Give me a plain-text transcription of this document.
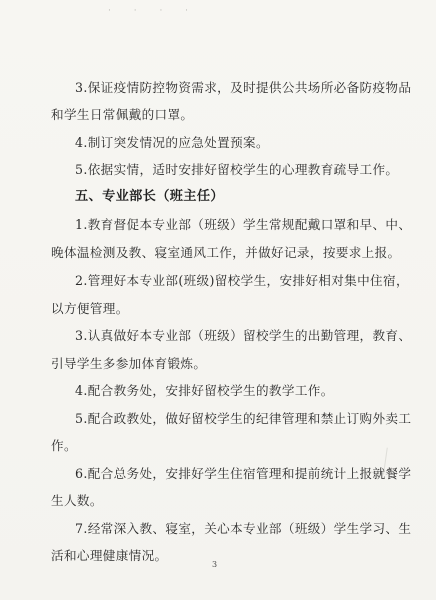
· · · ·
3.保证疫情防控物资需求，及时提供公共场所必备防疫物品
和学生日常佩戴的口罩。
4.制订突发情况的应急处置预案。
5.依据实情，适时安排好留校学生的心理教育疏导工作。
五、专业部长（班主任）
1.教育督促本专业部（班级）学生常规配戴口罩和早、中、
晚体温检测及教、寝室通风工作，并做好记录，按要求上报。
2.管理好本专业部(班级)留校学生，安排好相对集中住宿，
以方便管理。
3.认真做好本专业部（班级）留校学生的出勤管理，教育、
引导学生多参加体育锻炼。
4.配合教务处，安排好留校学生的教学工作。
5.配合政教处，做好留校学生的纪律管理和禁止订购外卖工
作。
6.配合总务处，安排好学生住宿管理和提前统计上报就餐学
生人数。
7.经常深入教、寝室，关心本专业部（班级）学生学习、生
活和心理健康情况。
3
